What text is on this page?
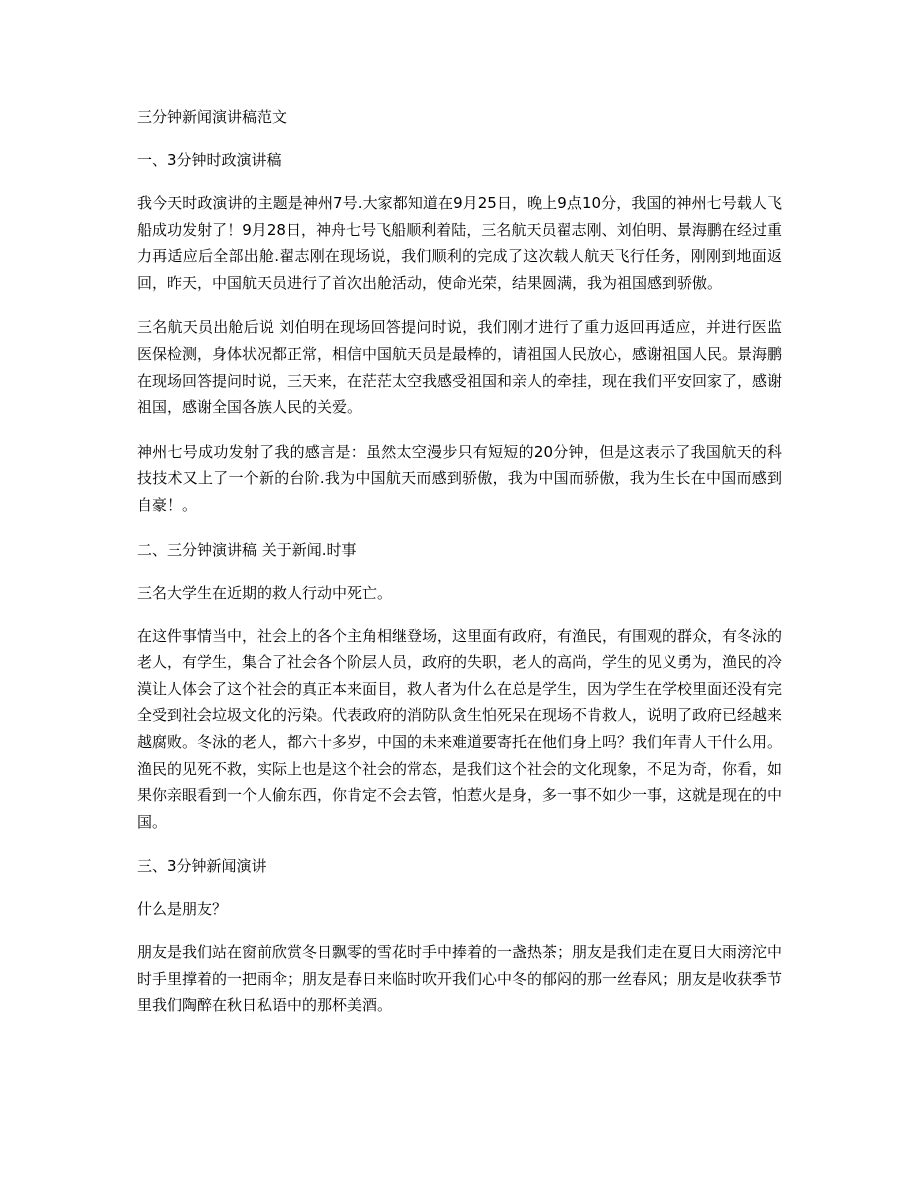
三分钟新闻演讲稿范文

一、3分钟时政演讲稿

我今天时政演讲的主题是神州7号.大家都知道在9月25日，晚上9点10分，我国的神州七号载人飞船成功发射了！9月28日，神舟七号飞船顺利着陆，三名航天员翟志刚、刘伯明、景海鹏在经过重力再适应后全部出舱.翟志刚在现场说，我们顺利的完成了这次载人航天飞行任务，刚刚到地面返回，昨天，中国航天员进行了首次出舱活动，使命光荣，结果圆满，我为祖国感到骄傲。

三名航天员出舱后说 刘伯明在现场回答提问时说，我们刚才进行了重力返回再适应，并进行医监医保检测，身体状况都正常，相信中国航天员是最棒的，请祖国人民放心，感谢祖国人民。景海鹏在现场回答提问时说，三天来，在茫茫太空我感受祖国和亲人的牵挂，现在我们平安回家了，感谢祖国，感谢全国各族人民的关爱。

神州七号成功发射了我的感言是：虽然太空漫步只有短短的20分钟，但是这表示了我国航天的科技技术又上了一个新的台阶.我为中国航天而感到骄傲，我为中国而骄傲，我为生长在中国而感到自豪！。

二、三分钟演讲稿 关于新闻.时事

三名大学生在近期的救人行动中死亡。

在这件事情当中，社会上的各个主角相继登场，这里面有政府，有渔民，有围观的群众，有冬泳的老人，有学生，集合了社会各个阶层人员，政府的失职，老人的高尚，学生的见义勇为，渔民的冷漠让人体会了这个社会的真正本来面目，救人者为什么在总是学生，因为学生在学校里面还没有完全受到社会垃圾文化的污染。代表政府的消防队贪生怕死呆在现场不肯救人，说明了政府已经越来越腐败。冬泳的老人，都六十多岁，中国的未来难道要寄托在他们身上吗？我们年青人干什么用。渔民的见死不救，实际上也是这个社会的常态，是我们这个社会的文化现象，不足为奇，你看，如果你亲眼看到一个人偷东西，你肯定不会去管，怕惹火是身，多一事不如少一事，这就是现在的中国。

三、3分钟新闻演讲

什么是朋友？

朋友是我们站在窗前欣赏冬日飘零的雪花时手中捧着的一盏热茶；朋友是我们走在夏日大雨滂沱中时手里撑着的一把雨伞；朋友是春日来临时吹开我们心中冬的郁闷的那一丝春风；朋友是收获季节里我们陶醉在秋日私语中的那杯美酒。
